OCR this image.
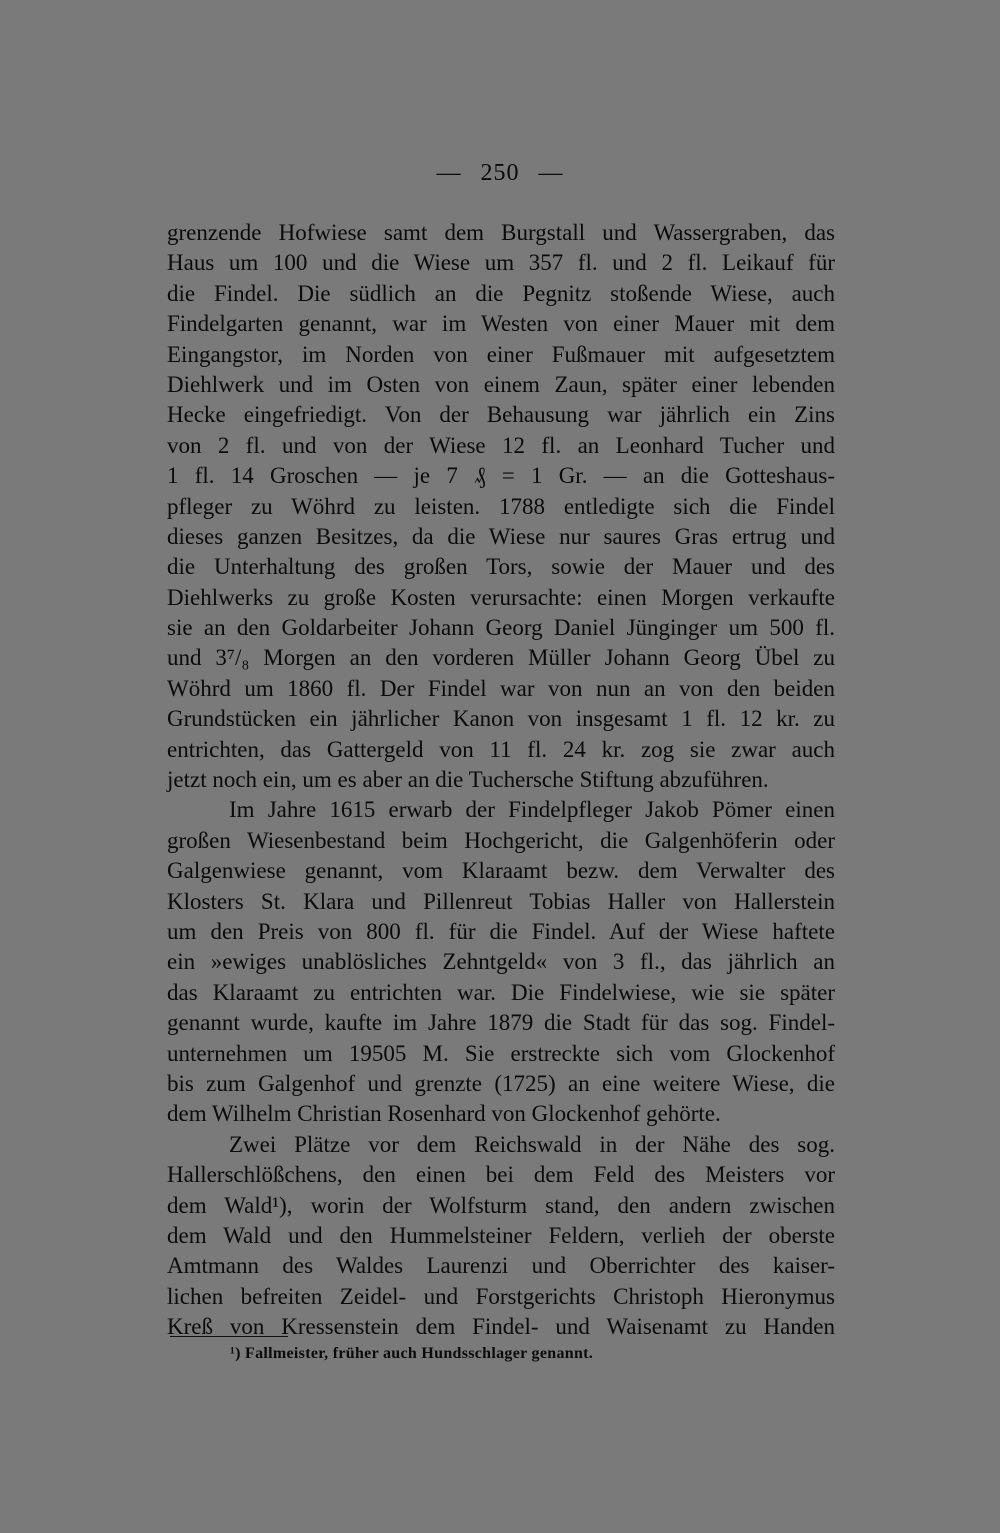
— 250 —
grenzende Hofwiese samt dem Burgstall und Wassergraben, das
Haus um 100 und die Wiese um 357 fl. und 2 fl. Leikauf für
die Findel. Die südlich an die Pegnitz stoßende Wiese, auch
Findelgarten genannt, war im Westen von einer Mauer mit dem
Eingangstor, im Norden von einer Fußmauer mit aufgesetztem
Diehlwerk und im Osten von einem Zaun, später einer lebenden
Hecke eingefriedigt. Von der Behausung war jährlich ein Zins
von 2 fl. und von der Wiese 12 fl. an Leonhard Tucher und
1 fl. 14 Groschen — je 7 ₰ = 1 Gr. — an die Gotteshaus-
pfleger zu Wöhrd zu leisten. 1788 entledigte sich die Findel
dieses ganzen Besitzes, da die Wiese nur saures Gras ertrug und
die Unterhaltung des großen Tors, sowie der Mauer und des
Diehlwerks zu große Kosten verursachte: einen Morgen verkaufte
sie an den Goldarbeiter Johann Georg Daniel Jünginger um 500 fl.
und 3⁷/₈ Morgen an den vorderen Müller Johann Georg Übel zu
Wöhrd um 1860 fl. Der Findel war von nun an von den beiden
Grundstücken ein jährlicher Kanon von insgesamt 1 fl. 12 kr. zu
entrichten, das Gattergeld von 11 fl. 24 kr. zog sie zwar auch
jetzt noch ein, um es aber an die Tuchersche Stiftung abzuführen.
Im Jahre 1615 erwarb der Findelpfleger Jakob Pömer einen
großen Wiesenbestand beim Hochgericht, die Galgenhöferin oder
Galgenwiese genannt, vom Klaraamt bezw. dem Verwalter des
Klosters St. Klara und Pillenreut Tobias Haller von Hallerstein
um den Preis von 800 fl. für die Findel. Auf der Wiese haftete
ein »ewiges unablösliches Zehntgeld« von 3 fl., das jährlich an
das Klaraamt zu entrichten war. Die Findelwiese, wie sie später
genannt wurde, kaufte im Jahre 1879 die Stadt für das sog. Findel-
unternehmen um 19505 M. Sie erstreckte sich vom Glockenhof
bis zum Galgenhof und grenzte (1725) an eine weitere Wiese, die
dem Wilhelm Christian Rosenhard von Glockenhof gehörte.
Zwei Plätze vor dem Reichswald in der Nähe des sog.
Hallerschlößchens, den einen bei dem Feld des Meisters vor
dem Wald¹), worin der Wolfsturm stand, den andern zwischen
dem Wald und den Hummelsteiner Feldern, verlieh der oberste
Amtmann des Waldes Laurenzi und Oberrichter des kaiser-
lichen befreiten Zeidel- und Forstgerichts Christoph Hieronymus
Kreß von Kressenstein dem Findel- und Waisenamt zu Handen
¹) Fallmeister, früher auch Hundsschlager genannt.
